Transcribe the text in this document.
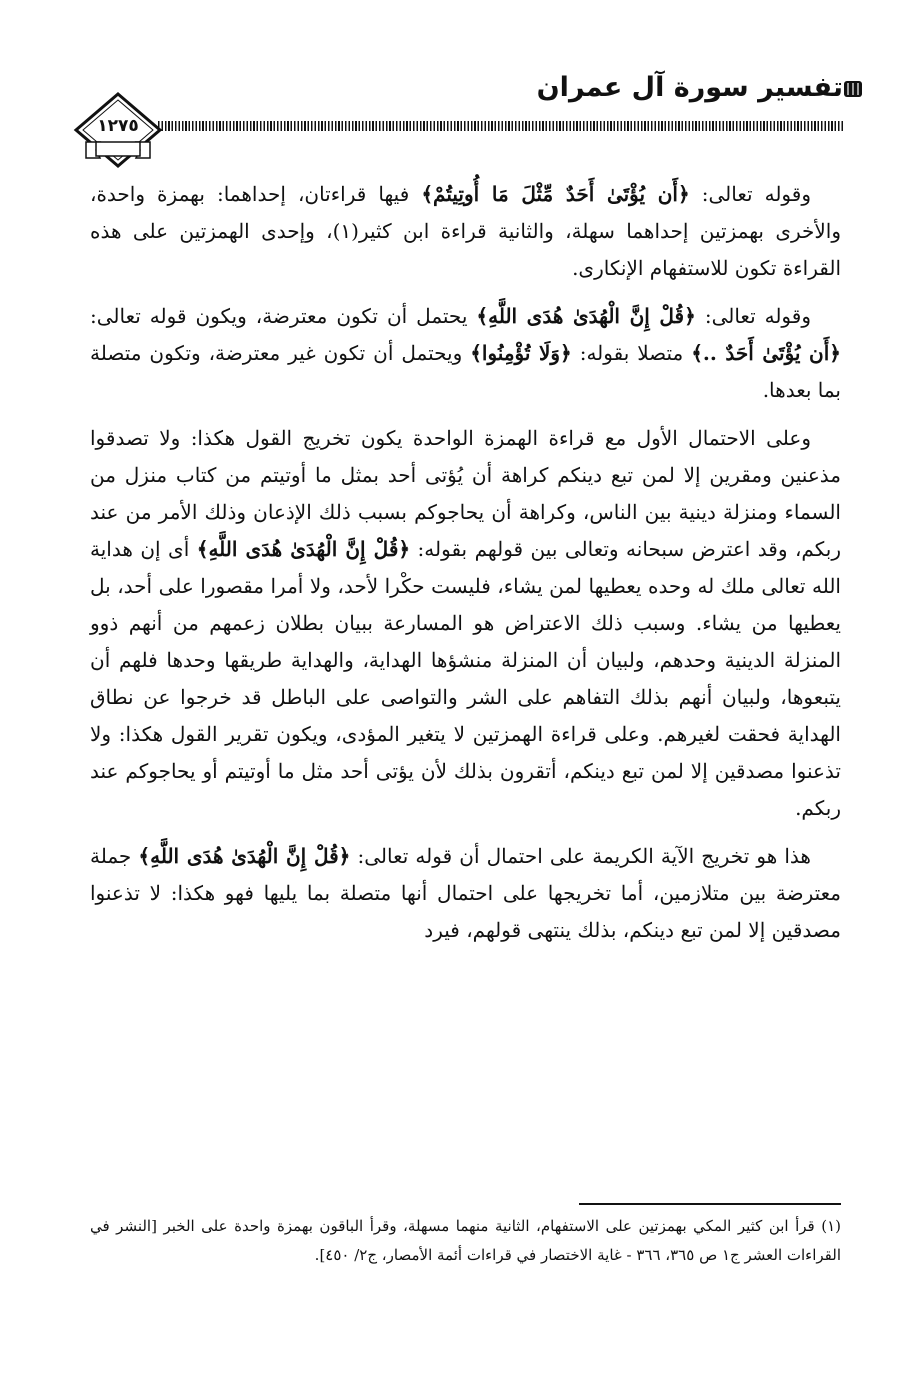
تفسير سورة آل عمران
١٢٧٥

وقوله تعالى: ﴿أَن يُؤْتَىٰ أَحَدٌ مِّثْلَ مَا أُوتِيتُمْ﴾ فيها قراءتان، إحداهما: بهمزة واحدة، والأخرى بهمزتين إحداهما سهلة، والثانية قراءة ابن كثير(١)، وإحدى الهمزتين على هذه القراءة تكون للاستفهام الإنكارى.

وقوله تعالى: ﴿قُلْ إِنَّ الْهُدَىٰ هُدَى اللَّهِ﴾ يحتمل أن تكون معترضة، ويكون قوله تعالى: ﴿أَن يُؤْتَىٰ أَحَدٌ ..﴾ متصلا بقوله: ﴿وَلَا تُؤْمِنُوا﴾ ويحتمل أن تكون غير معترضة، وتكون متصلة بما بعدها.

وعلى الاحتمال الأول مع قراءة الهمزة الواحدة يكون تخريج القول هكذا: ولا تصدقوا مذعنين ومقرين إلا لمن تبع دينكم كراهة أن يُؤتى أحد بمثل ما أوتيتم من كتاب منزل من السماء ومنزلة دينية بين الناس، وكراهة أن يحاجوكم بسبب ذلك الإذعان وذلك الأمر من عند ربكم، وقد اعترض سبحانه وتعالى بين قولهم بقوله: ﴿قُلْ إِنَّ الْهُدَىٰ هُدَى اللَّهِ﴾ أى إن هداية الله تعالى ملك له وحده يعطيها لمن يشاء، فليست حكْرا لأحد، ولا أمرا مقصورا على أحد، بل يعطيها من يشاء. وسبب ذلك الاعتراض هو المسارعة ببيان بطلان زعمهم من أنهم ذوو المنزلة الدينية وحدهم، ولبيان أن المنزلة منشؤها الهداية، والهداية طريقها وحدها فلهم أن يتبعوها، ولبيان أنهم بذلك التفاهم على الشر والتواصى على الباطل قد خرجوا عن نطاق الهداية فحقت لغيرهم. وعلى قراءة الهمزتين لا يتغير المؤدى، ويكون تقرير القول هكذا: ولا تذعنوا مصدقين إلا لمن تبع دينكم، أتقرون بذلك لأن يؤتى أحد مثل ما أوتيتم أو يحاجوكم عند ربكم.

هذا هو تخريج الآية الكريمة على احتمال أن قوله تعالى: ﴿قُلْ إِنَّ الْهُدَىٰ هُدَى اللَّهِ﴾ جملة معترضة بين متلازمين، أما تخريجها على احتمال أنها متصلة بما يليها فهو هكذا: لا تذعنوا مصدقين إلا لمن تبع دينكم، بذلك ينتهى قولهم، فيرد

(١) قرأ ابن كثير المكي بهمزتين على الاستفهام، الثانية منهما مسهلة، وقرأ الباقون بهمزة واحدة على الخبر [النشر في القراءات العشر ج١ ص ٣٦٥، ٣٦٦ - غاية الاختصار في قراءات أئمة الأمصار، ج٢/ ٤٥٠].
